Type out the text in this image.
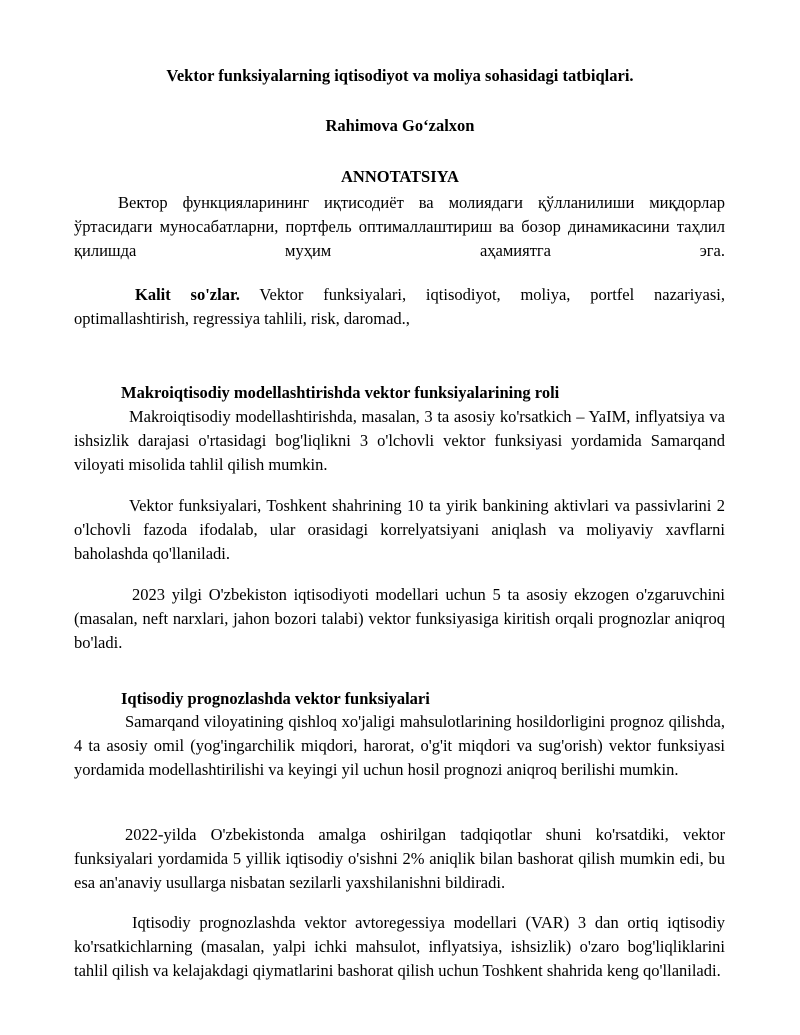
Vektor funksiyalarning iqtisodiyot va moliya sohasidagi tatbiqlari.

Rahimova Go‘zalxon

ANNOTATSIYA

Вектор функцияларининг иқтисодиёт ва молиядаги қўлланилиши миқдорлар ўртасидаги муносабатларни, портфель оптималлаштириш ва бозор динамикасини таҳлил қилишда муҳим аҳамиятга эга.

Kalit so'zlar. Vektor funksiyalari, iqtisodiyot, moliya, portfel nazariyasi, optimallashtirish, regressiya tahlili, risk, daromad.,

Makroiqtisodiy modellashtirishda vektor funksiyalarining roli

Makroiqtisodiy modellashtirishda, masalan, 3 ta asosiy ko'rsatkich – YaIM, inflyatsiya va ishsizlik darajasi o'rtasidagi bog'liqlikni 3 o'lchovli vektor funksiyasi yordamida Samarqand viloyati misolida tahlil qilish mumkin.

Vektor funksiyalari, Toshkent shahrining 10 ta yirik bankining aktivlari va passivlarini 2 o'lchovli fazoda ifodalab, ular orasidagi korrelyatsiyani aniqlash va moliyaviy xavflarni baholashda qo'llaniladi.

2023 yilgi O'zbekiston iqtisodiyoti modellari uchun 5 ta asosiy ekzogen o'zgaruvchini (masalan, neft narxlari, jahon bozori talabi) vektor funksiyasiga kiritish orqali prognozlar aniqroq bo'ladi.

Iqtisodiy prognozlashda vektor funksiyalari

Samarqand viloyatining qishloq xo'jaligi mahsulotlarining hosildorligini prognoz qilishda, 4 ta asosiy omil (yog'ingarchilik miqdori, harorat, o'g'it miqdori va sug'orish) vektor funksiyasi yordamida modellashtirilishi va keyingi yil uchun hosil prognozi aniqroq berilishi mumkin.

2022-yilda O'zbekistonda amalga oshirilgan tadqiqotlar shuni ko'rsatdiki, vektor funksiyalari yordamida 5 yillik iqtisodiy o'sishni 2% aniqlik bilan bashorat qilish mumkin edi, bu esa an'anaviy usullarga nisbatan sezilarli yaxshilanishni bildiradi.

Iqtisodiy prognozlashda vektor avtoregessiya modellari (VAR) 3 dan ortiq iqtisodiy ko'rsatkichlarning (masalan, yalpi ichki mahsulot, inflyatsiya, ishsizlik) o'zaro bog'liqliklarini tahlil qilish va kelajakdagi qiymatlarini bashorat qilish uchun Toshkent shahrida keng qo'llaniladi.
